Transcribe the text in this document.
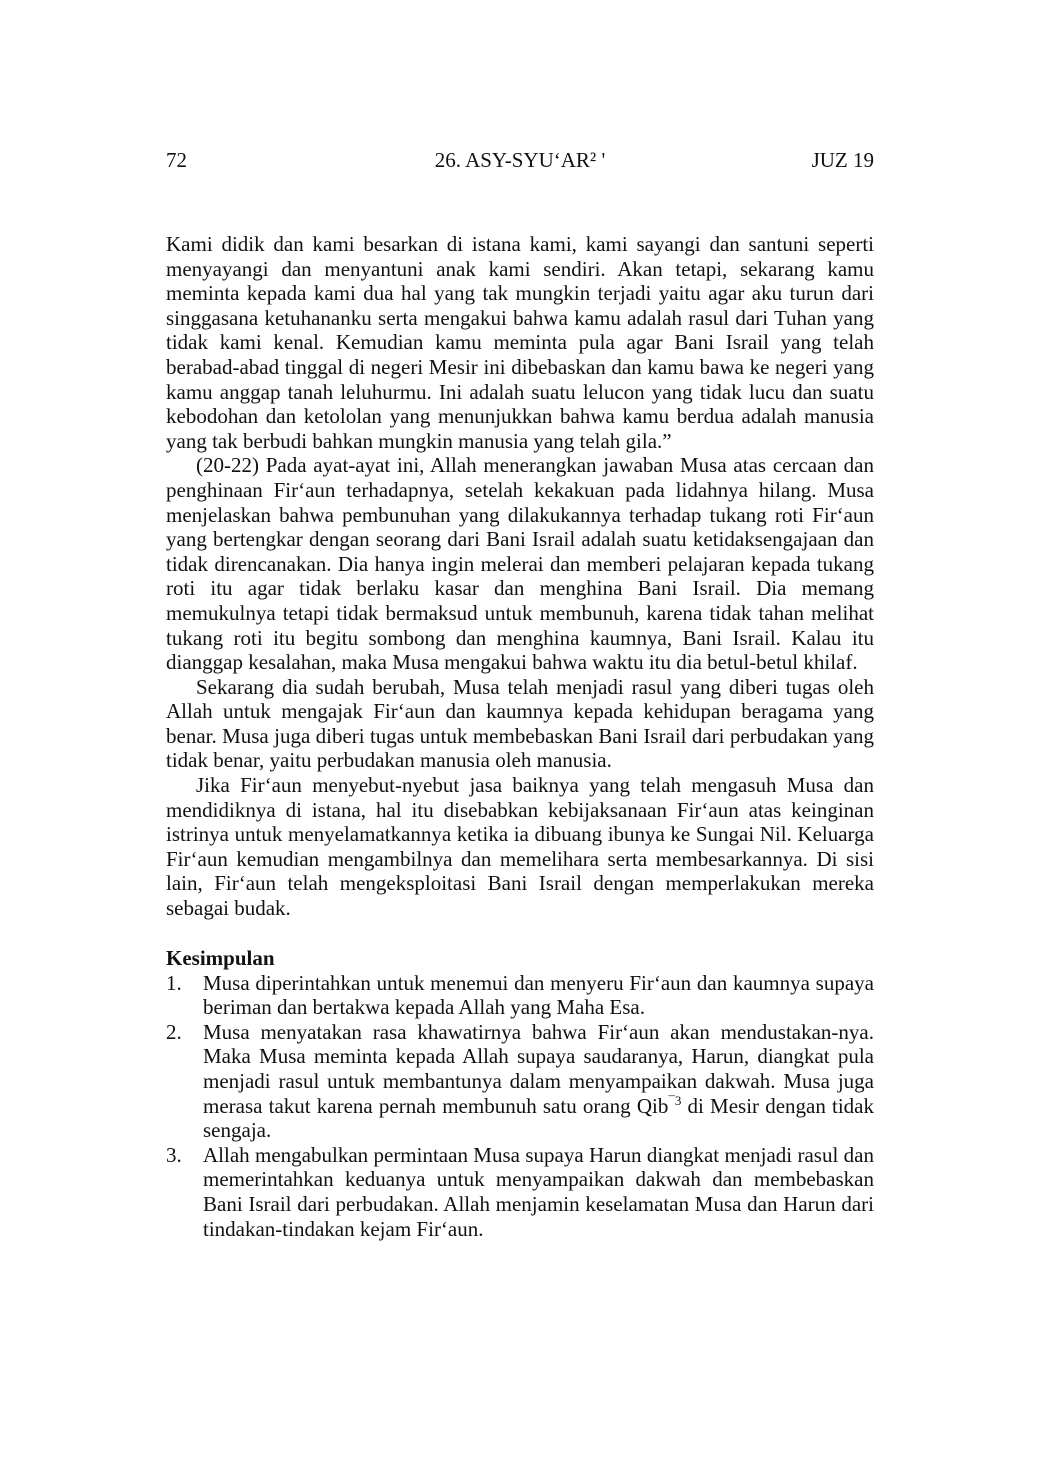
72	26. ASY-SYU‘AR² '	JUZ 19

Kami didik dan kami besarkan di istana kami, kami sayangi dan santuni seperti menyayangi dan menyantuni anak kami sendiri. Akan tetapi, sekarang kamu meminta kepada kami dua hal yang tak mungkin terjadi yaitu agar aku turun dari singgasana ketuhananku serta mengakui bahwa kamu adalah rasul dari Tuhan yang tidak kami kenal. Kemudian kamu meminta pula agar Bani Israil yang telah berabad-abad tinggal di negeri Mesir ini dibebaskan dan kamu bawa ke negeri yang kamu anggap tanah leluhurmu. Ini adalah suatu lelucon yang tidak lucu dan suatu kebodohan dan ketololan yang menunjukkan bahwa kamu berdua adalah manusia yang tak berbudi bahkan mungkin manusia yang telah gila.”

(20-22) Pada ayat-ayat ini, Allah menerangkan jawaban Musa atas cercaan dan penghinaan Fir‘aun terhadapnya, setelah kekakuan pada lidahnya hilang. Musa menjelaskan bahwa pembunuhan yang dilakukannya terhadap tukang roti Fir‘aun yang bertengkar dengan seorang dari Bani Israil adalah suatu ketidaksengajaan dan tidak direncanakan. Dia hanya ingin melerai dan memberi pelajaran kepada tukang roti itu agar tidak berlaku kasar dan menghina Bani Israil. Dia memang memukulnya tetapi tidak bermaksud untuk membunuh, karena tidak tahan melihat tukang roti itu begitu sombong dan menghina kaumnya, Bani Israil. Kalau itu dianggap kesalahan, maka Musa mengakui bahwa waktu itu dia betul-betul khilaf.

Sekarang dia sudah berubah, Musa telah menjadi rasul yang diberi tugas oleh Allah untuk mengajak Fir‘aun dan kaumnya kepada kehidupan beragama yang benar. Musa juga diberi tugas untuk membebaskan Bani Israil dari perbudakan yang tidak benar, yaitu perbudakan manusia oleh manusia.

Jika Fir‘aun menyebut-nyebut jasa baiknya yang telah mengasuh Musa dan mendidiknya di istana, hal itu disebabkan kebijaksanaan Fir‘aun atas keinginan istrinya untuk menyelamatkannya ketika ia dibuang ibunya ke Sungai Nil. Keluarga Fir‘aun kemudian mengambilnya dan memelihara serta membesarkannya. Di sisi lain, Fir‘aun telah mengeksploitasi Bani Israil dengan memperlakukan mereka sebagai budak.

Kesimpulan
1. Musa diperintahkan untuk menemui dan menyeru Fir‘aun dan kaumnya supaya beriman dan bertakwa kepada Allah yang Maha Esa.
2. Musa menyatakan rasa khawatirnya bahwa Fir‘aun akan mendustakan-nya. Maka Musa meminta kepada Allah supaya saudaranya, Harun, diangkat pula menjadi rasul untuk membantunya dalam menyampaikan dakwah. Musa juga merasa takut karena pernah membunuh satu orang Qib$^{¯3}$ di Mesir dengan tidak sengaja.
3. Allah mengabulkan permintaan Musa supaya Harun diangkat menjadi rasul dan memerintahkan keduanya untuk menyampaikan dakwah dan membebaskan Bani Israil dari perbudakan. Allah menjamin keselamatan Musa dan Harun dari tindakan-tindakan kejam Fir‘aun.
